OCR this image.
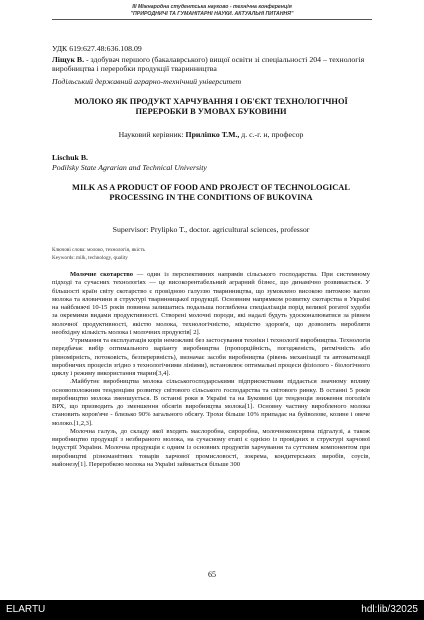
III Міжнародна студентська науково - технічна конференція
"ПРИРОДНИЧІ ТА ГУМАНІТАРНІ НАУКИ. АКТУАЛЬНІ ПИТАННЯ"
УДК 619:627.48:636.108.09
Ліщук В. - здобувач першого (бакалаврського) вищої освіти зі спеціальності 204 – технологія виробництва і переробки продукції тваринництва
Подільський державний аграрно-технічний університет
МОЛОКО ЯК ПРОДУКТ ХАРЧУВАННЯ І ОБ'ЄКТ ТЕХНОЛОГІЧНОЇ ПЕРЕРОБКИ В УМОВАХ БУКОВИНИ
Науковий керівник: Приліпко Т.М., д. с.-г. н, професор
Lischuk B.
Podilsky State Agrarian and Technical University
MILK AS A PRODUCT OF FOOD AND PROJECT OF TECHNOLOGICAL PROCESSING IN THE CONDITIONS OF BUKOVINA
Supervisor: Prylipko T., doctor. agricultural sciences, professor
Ключові слова: молоко, технологія, якість
Keywords: milk, technology, quality

Молочне скотарство — один із перспективних напрямів сільського господарства. При системному підході та сучасних технологіях — це високорентабельний аграрний бізнес, що динамічно розвивається. У більшості країн світу скотарство є провідною галуззю тваринництва, що зумовлено високою питомою вагою молока та яловичини в структурі тваринницької продукції. Основним напрямком розвитку скотарства в Україні на найближчі 10-15 років повинна залишатись подальша поглиблена спеціалізація порід великої рогатої худоби за окремими видами продуктивності. Створені молочні породи, які надалі будуть удосконалюватися за рівнем молочної продуктивності, якістю молока, технологічністю, міцністю здоров'я, що дозволить виробляти необхідну кількість молока і молочних продуктів[ 2].

Утримання та експлуатація корів неможливі без застосування техніки і технології виробництва. Технологія передбачає вибір оптимального варіанту виробництва (пропорційність, погодженість, ритмічність або рівномірність, потоковість, безперервність), визначає засоби виробництва (рівень механізації та автоматизації виробничих процесів згідно з технологічними лініями), встановлює оптимальні процеси фізіолого - біологічного циклу і режиму використання тварин[3,4].

.Майбутнє виробництва молока сільськогосподарськими підприємствами піддається значному впливу основоположним тенденціям розвитку світового сільського господарства та світового ринку. В останні 5 років виробництво молока зменшується. В останні роки в Україні та на Буковині іде тенденція зниження поголів'я ВРХ, що призводить до зменшення обсягів виробництва молока[1]. Основну частину виробленого молока становить коров'яче - близько 90% загального обсягу. Трохи більше 10% припадає на буйволове, козине і овече молоко.[1,2,3].

Молочна галузь, до складу якої входять маслоробна, сироробна, молочноконсервна підгалузі, а також виробництво продукції з незбираного молока, на сучасному етапі є однією із провідних в структурі харчової індустрії України. Молочна продукція є одним із основних продуктів харчування та суттєвим компонентом при виробництві різноманітних товарів харчової промисловості, зокрема, кондитерських виробів, соусів, майонезу[1]. Переробкою молока на Україні займається більше 300

65
ELARTU	hdl:lib/32025
